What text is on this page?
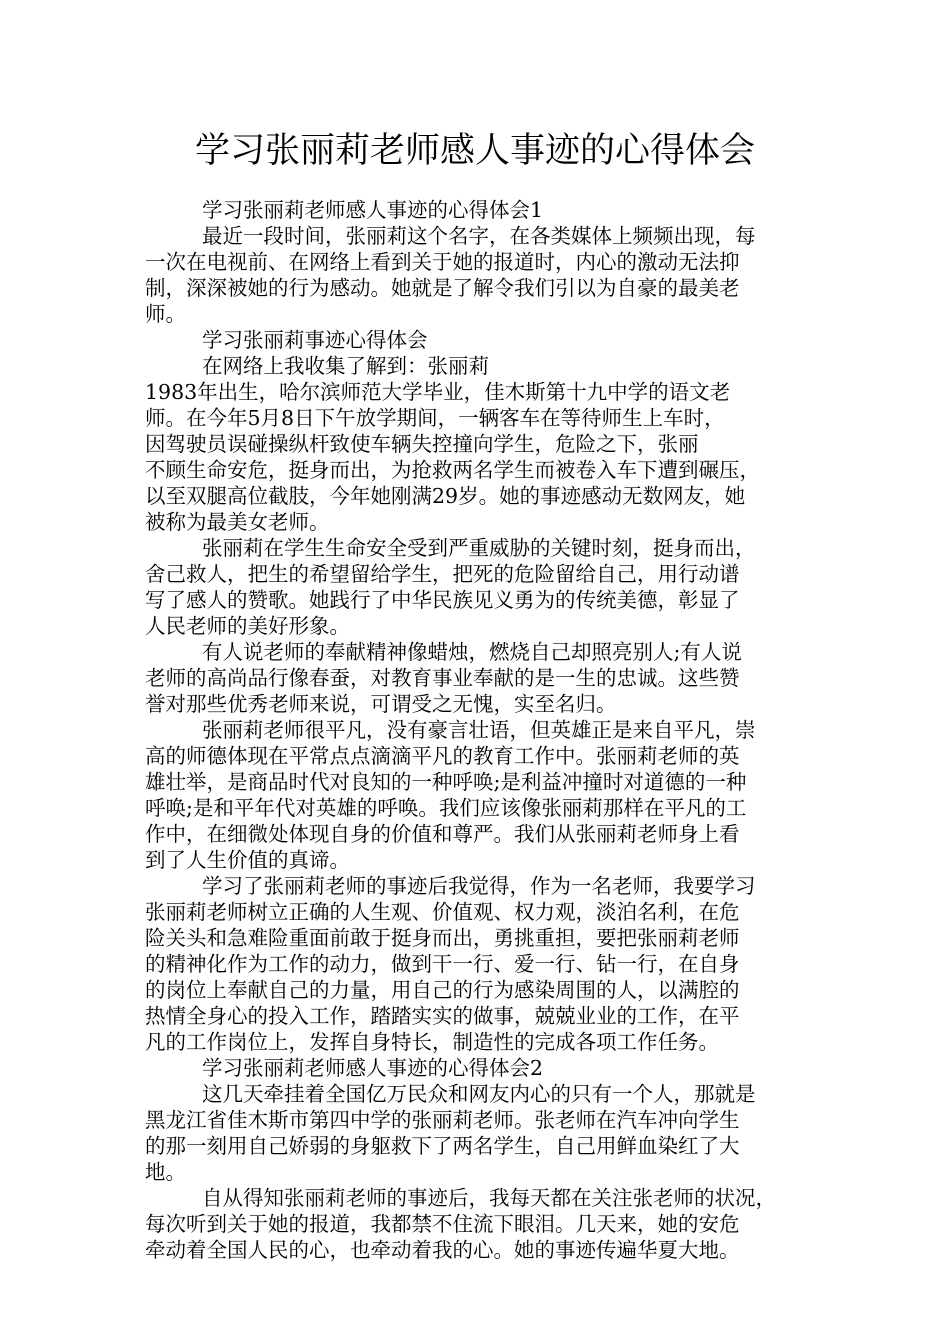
学习张丽莉老师感人事迹的心得体会
学习张丽莉老师感人事迹的心得体会1
最近一段时间，张丽莉这个名字，在各类媒体上频频出现，每
一次在电视前、在网络上看到关于她的报道时，内心的激动无法抑
制，深深被她的行为感动。她就是了解令我们引以为自豪的最美老
师。
学习张丽莉事迹心得体会
在网络上我收集了解到：张丽莉
1983年出生，哈尔滨师范大学毕业，佳木斯第十九中学的语文老
师。在今年5月8日下午放学期间，一辆客车在等待师生上车时，
因驾驶员误碰操纵杆致使车辆失控撞向学生，危险之下，张丽
不顾生命安危，挺身而出，为抢救两名学生而被卷入车下遭到碾压，
以至双腿高位截肢，今年她刚满29岁。她的事迹感动无数网友，她
被称为最美女老师。
张丽莉在学生生命安全受到严重威胁的关键时刻，挺身而出，
舍己救人，把生的希望留给学生，把死的危险留给自己，用行动谱
写了感人的赞歌。她践行了中华民族见义勇为的传统美德，彰显了
人民老师的美好形象。
有人说老师的奉献精神像蜡烛，燃烧自己却照亮别人;有人说
老师的高尚品行像春蚕，对教育事业奉献的是一生的忠诚。这些赞
誉对那些优秀老师来说，可谓受之无愧，实至名归。
张丽莉老师很平凡，没有豪言壮语，但英雄正是来自平凡，崇
高的师德体现在平常点点滴滴平凡的教育工作中。张丽莉老师的英
雄壮举，是商品时代对良知的一种呼唤;是利益冲撞时对道德的一种
呼唤;是和平年代对英雄的呼唤。我们应该像张丽莉那样在平凡的工
作中，在细微处体现自身的价值和尊严。我们从张丽莉老师身上看
到了人生价值的真谛。
学习了张丽莉老师的事迹后我觉得，作为一名老师，我要学习
张丽莉老师树立正确的人生观、价值观、权力观，淡泊名利，在危
险关头和急难险重面前敢于挺身而出，勇挑重担，要把张丽莉老师
的精神化作为工作的动力，做到干一行、爱一行、钻一行，在自身
的岗位上奉献自己的力量，用自己的行为感染周围的人，以满腔的
热情全身心的投入工作，踏踏实实的做事，兢兢业业的工作，在平
凡的工作岗位上，发挥自身特长，制造性的完成各项工作任务。
学习张丽莉老师感人事迹的心得体会2
这几天牵挂着全国亿万民众和网友内心的只有一个人，那就是
黑龙江省佳木斯市第四中学的张丽莉老师。张老师在汽车冲向学生
的那一刻用自己娇弱的身躯救下了两名学生，自己用鲜血染红了大
地。
自从得知张丽莉老师的事迹后，我每天都在关注张老师的状况，
每次听到关于她的报道，我都禁不住流下眼泪。几天来，她的安危
牵动着全国人民的心，也牵动着我的心。她的事迹传遍华夏大地。
